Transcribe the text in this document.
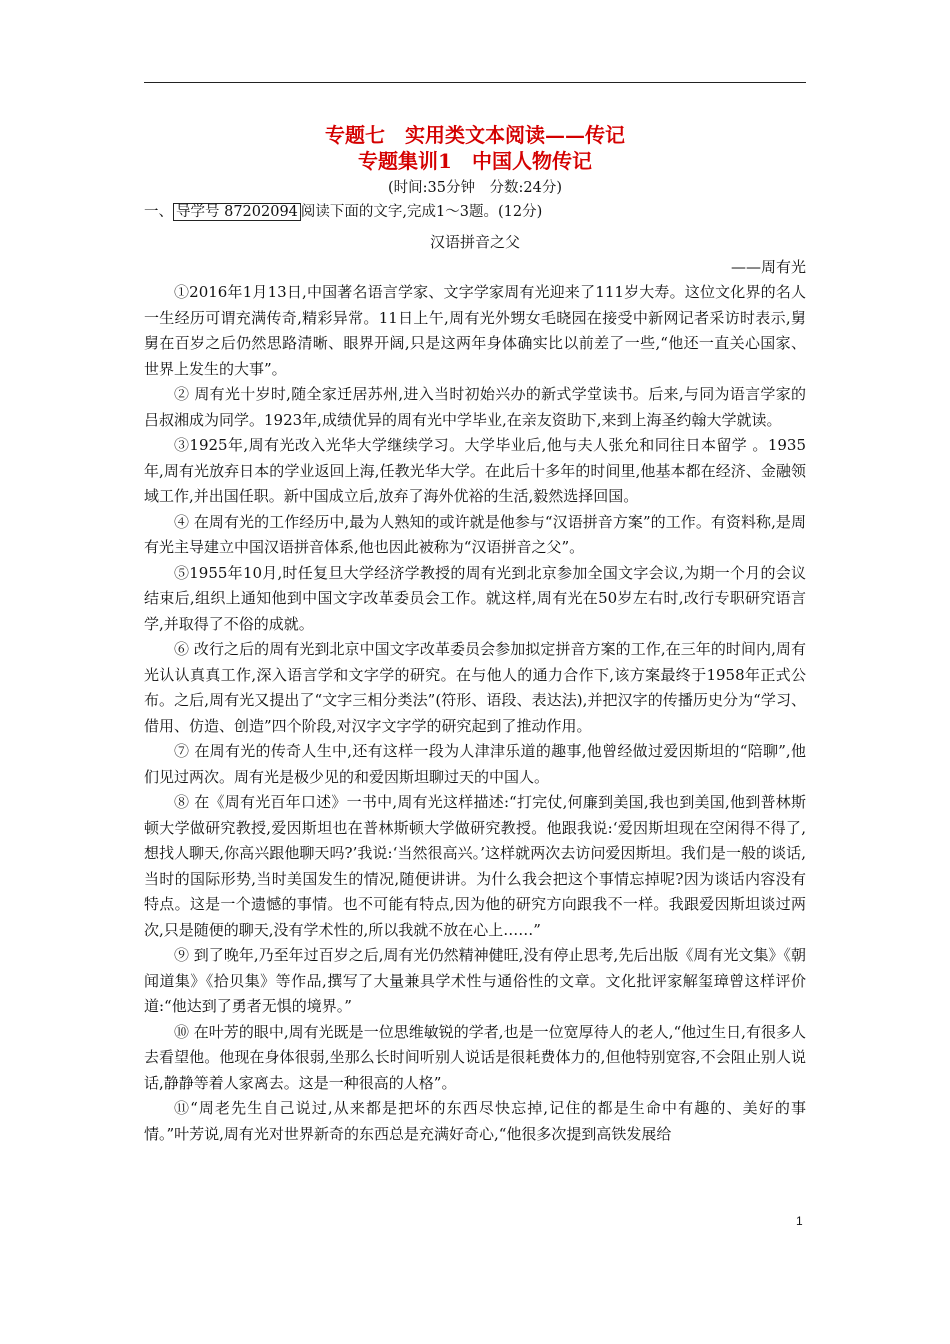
专题七　实用类文本阅读——传记
专题集训1　中国人物传记
(时间:35分钟　分数:24分)
一、 导学号 87202094 阅读下面的文字,完成1～3题。(12分)
汉语拼音之父
——周有光

①2016年1月13日,中国著名语言学家、文字学家周有光迎来了111岁大寿。这位文化界的名人一生经历可谓充满传奇,精彩异常。11日上午,周有光外甥女毛晓园在接受中新网记者采访时表示,舅舅在百岁之后仍然思路清晰、眼界开阔,只是这两年身体确实比以前差了一些,“他还一直关心国家、世界上发生的大事”。

② 周有光十岁时,随全家迁居苏州,进入当时初始兴办的新式学堂读书。后来,与同为语言学家的吕叔湘成为同学。1923年,成绩优异的周有光中学毕业,在亲友资助下,来到上海圣约翰大学就读。

③1925年,周有光改入光华大学继续学习。大学毕业后,他与夫人张允和同往日本留学 。1935年,周有光放弃日本的学业返回上海,任教光华大学。在此后十多年的时间里,他基本都在经济、金融领域工作,并出国任职。新中国成立后,放弃了海外优裕的生活,毅然选择回国。

④ 在周有光的工作经历中,最为人熟知的或许就是他参与“汉语拼音方案”的工作。有资料称,是周有光主导建立中国汉语拼音体系,他也因此被称为“汉语拼音之父”。

⑤1955年10月,时任复旦大学经济学教授的周有光到北京参加全国文字会议,为期一个月的会议结束后,组织上通知他到中国文字改革委员会工作。就这样,周有光在50岁左右时,改行专职研究语言学,并取得了不俗的成就。

⑥ 改行之后的周有光到北京中国文字改革委员会参加拟定拼音方案的工作,在三年的时间内,周有光认认真真工作,深入语言学和文字学的研究。在与他人的通力合作下,该方案最终于1958年正式公布。之后,周有光又提出了“文字三相分类法”(符形、语段、表达法),并把汉字的传播历史分为“学习、借用、仿造、创造”四个阶段,对汉字文字学的研究起到了推动作用。

⑦ 在周有光的传奇人生中,还有这样一段为人津津乐道的趣事,他曾经做过爱因斯坦的“陪聊”,他们见过两次。周有光是极少见的和爱因斯坦聊过天的中国人。

⑧ 在《周有光百年口述》一书中,周有光这样描述:“打完仗,何廉到美国,我也到美国,他到普林斯顿大学做研究教授,爱因斯坦也在普林斯顿大学做研究教授。他跟我说:‘爱因斯坦现在空闲得不得了,想找人聊天,你高兴跟他聊天吗?’我说:‘当然很高兴。’这样就两次去访问爱因斯坦。我们是一般的谈话,当时的国际形势,当时美国发生的情况,随便讲讲。为什么我会把这个事情忘掉呢?因为谈话内容没有特点。这是一个遗憾的事情。也不可能有特点,因为他的研究方向跟我不一样。我跟爱因斯坦谈过两次,只是随便的聊天,没有学术性的,所以我就不放在心上……”

⑨ 到了晚年,乃至年过百岁之后,周有光仍然精神健旺,没有停止思考,先后出版《周有光文集》《朝闻道集》《拾贝集》等作品,撰写了大量兼具学术性与通俗性的文章。文化批评家解玺璋曾这样评价道:“他达到了勇者无惧的境界。”

⑩ 在叶芳的眼中,周有光既是一位思维敏锐的学者,也是一位宽厚待人的老人,“他过生日,有很多人去看望他。他现在身体很弱,坐那么长时间听别人说话是很耗费体力的,但他特别宽容,不会阻止别人说话,静静等着人家离去。这是一种很高的人格”。

⑪“周老先生自己说过,从来都是把坏的东西尽快忘掉,记住的都是生命中有趣的、美好的事情。”叶芳说,周有光对世界新奇的东西总是充满好奇心,“他很多次提到高铁发展给

1
